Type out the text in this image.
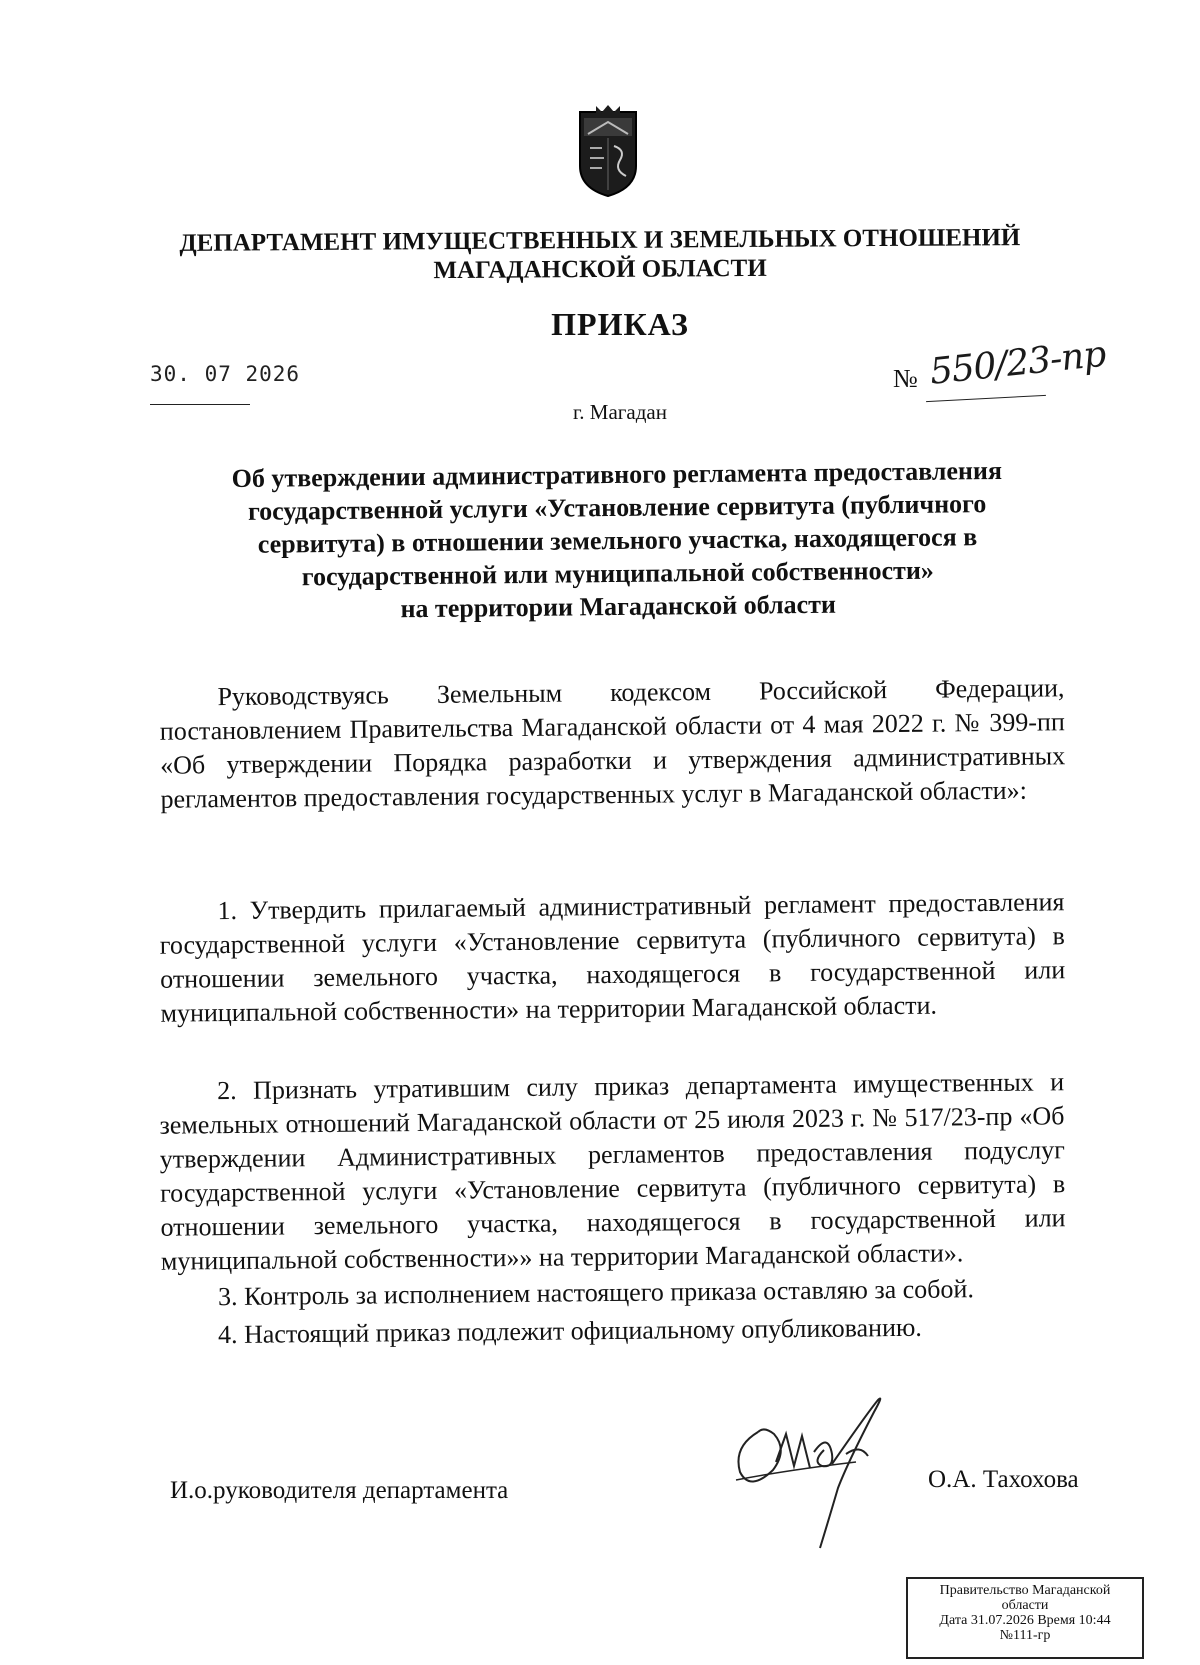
ДЕПАРТАМЕНТ ИМУЩЕСТВЕННЫХ И ЗЕМЕЛЬНЫХ ОТНОШЕНИЙ
МАГАДАНСКОЙ ОБЛАСТИ
ПРИКАЗ
30. 07 2026	№ 550/23-пр
г. Магадан
Об утверждении административного регламента предоставления
государственной услуги «Установление сервитута (публичного
сервитута) в отношении земельного участка, находящегося в
государственной или муниципальной собственности»
на территории Магаданской области
Руководствуясь Земельным кодексом Российской Федерации, постановлением Правительства Магаданской области от 4 мая 2022 г. № 399-пп «Об утверждении Порядка разработки и утверждения административных регламентов предоставления государственных услуг в Магаданской области»:
1. Утвердить прилагаемый административный регламент предоставления государственной услуги «Установление сервитута (публичного сервитута) в отношении земельного участка, находящегося в государственной или муниципальной собственности» на территории Магаданской области.
2. Признать утратившим силу приказ департамента имущественных и земельных отношений Магаданской области от 25 июля 2023 г. № 517/23-пр «Об утверждении Административных регламентов предоставления подуслуг государственной услуги «Установление сервитута (публичного сервитута) в отношении земельного участка, находящегося в государственной или муниципальной собственности»» на территории Магаданской области».
3. Контроль за исполнением настоящего приказа оставляю за собой.
4. Настоящий приказ подлежит официальному опубликованию.
И.о.руководителя департамента	О.А. Тахохова
Правительство Магаданской
области
Дата 31.07.2026 Время 10:44
№111-гр
